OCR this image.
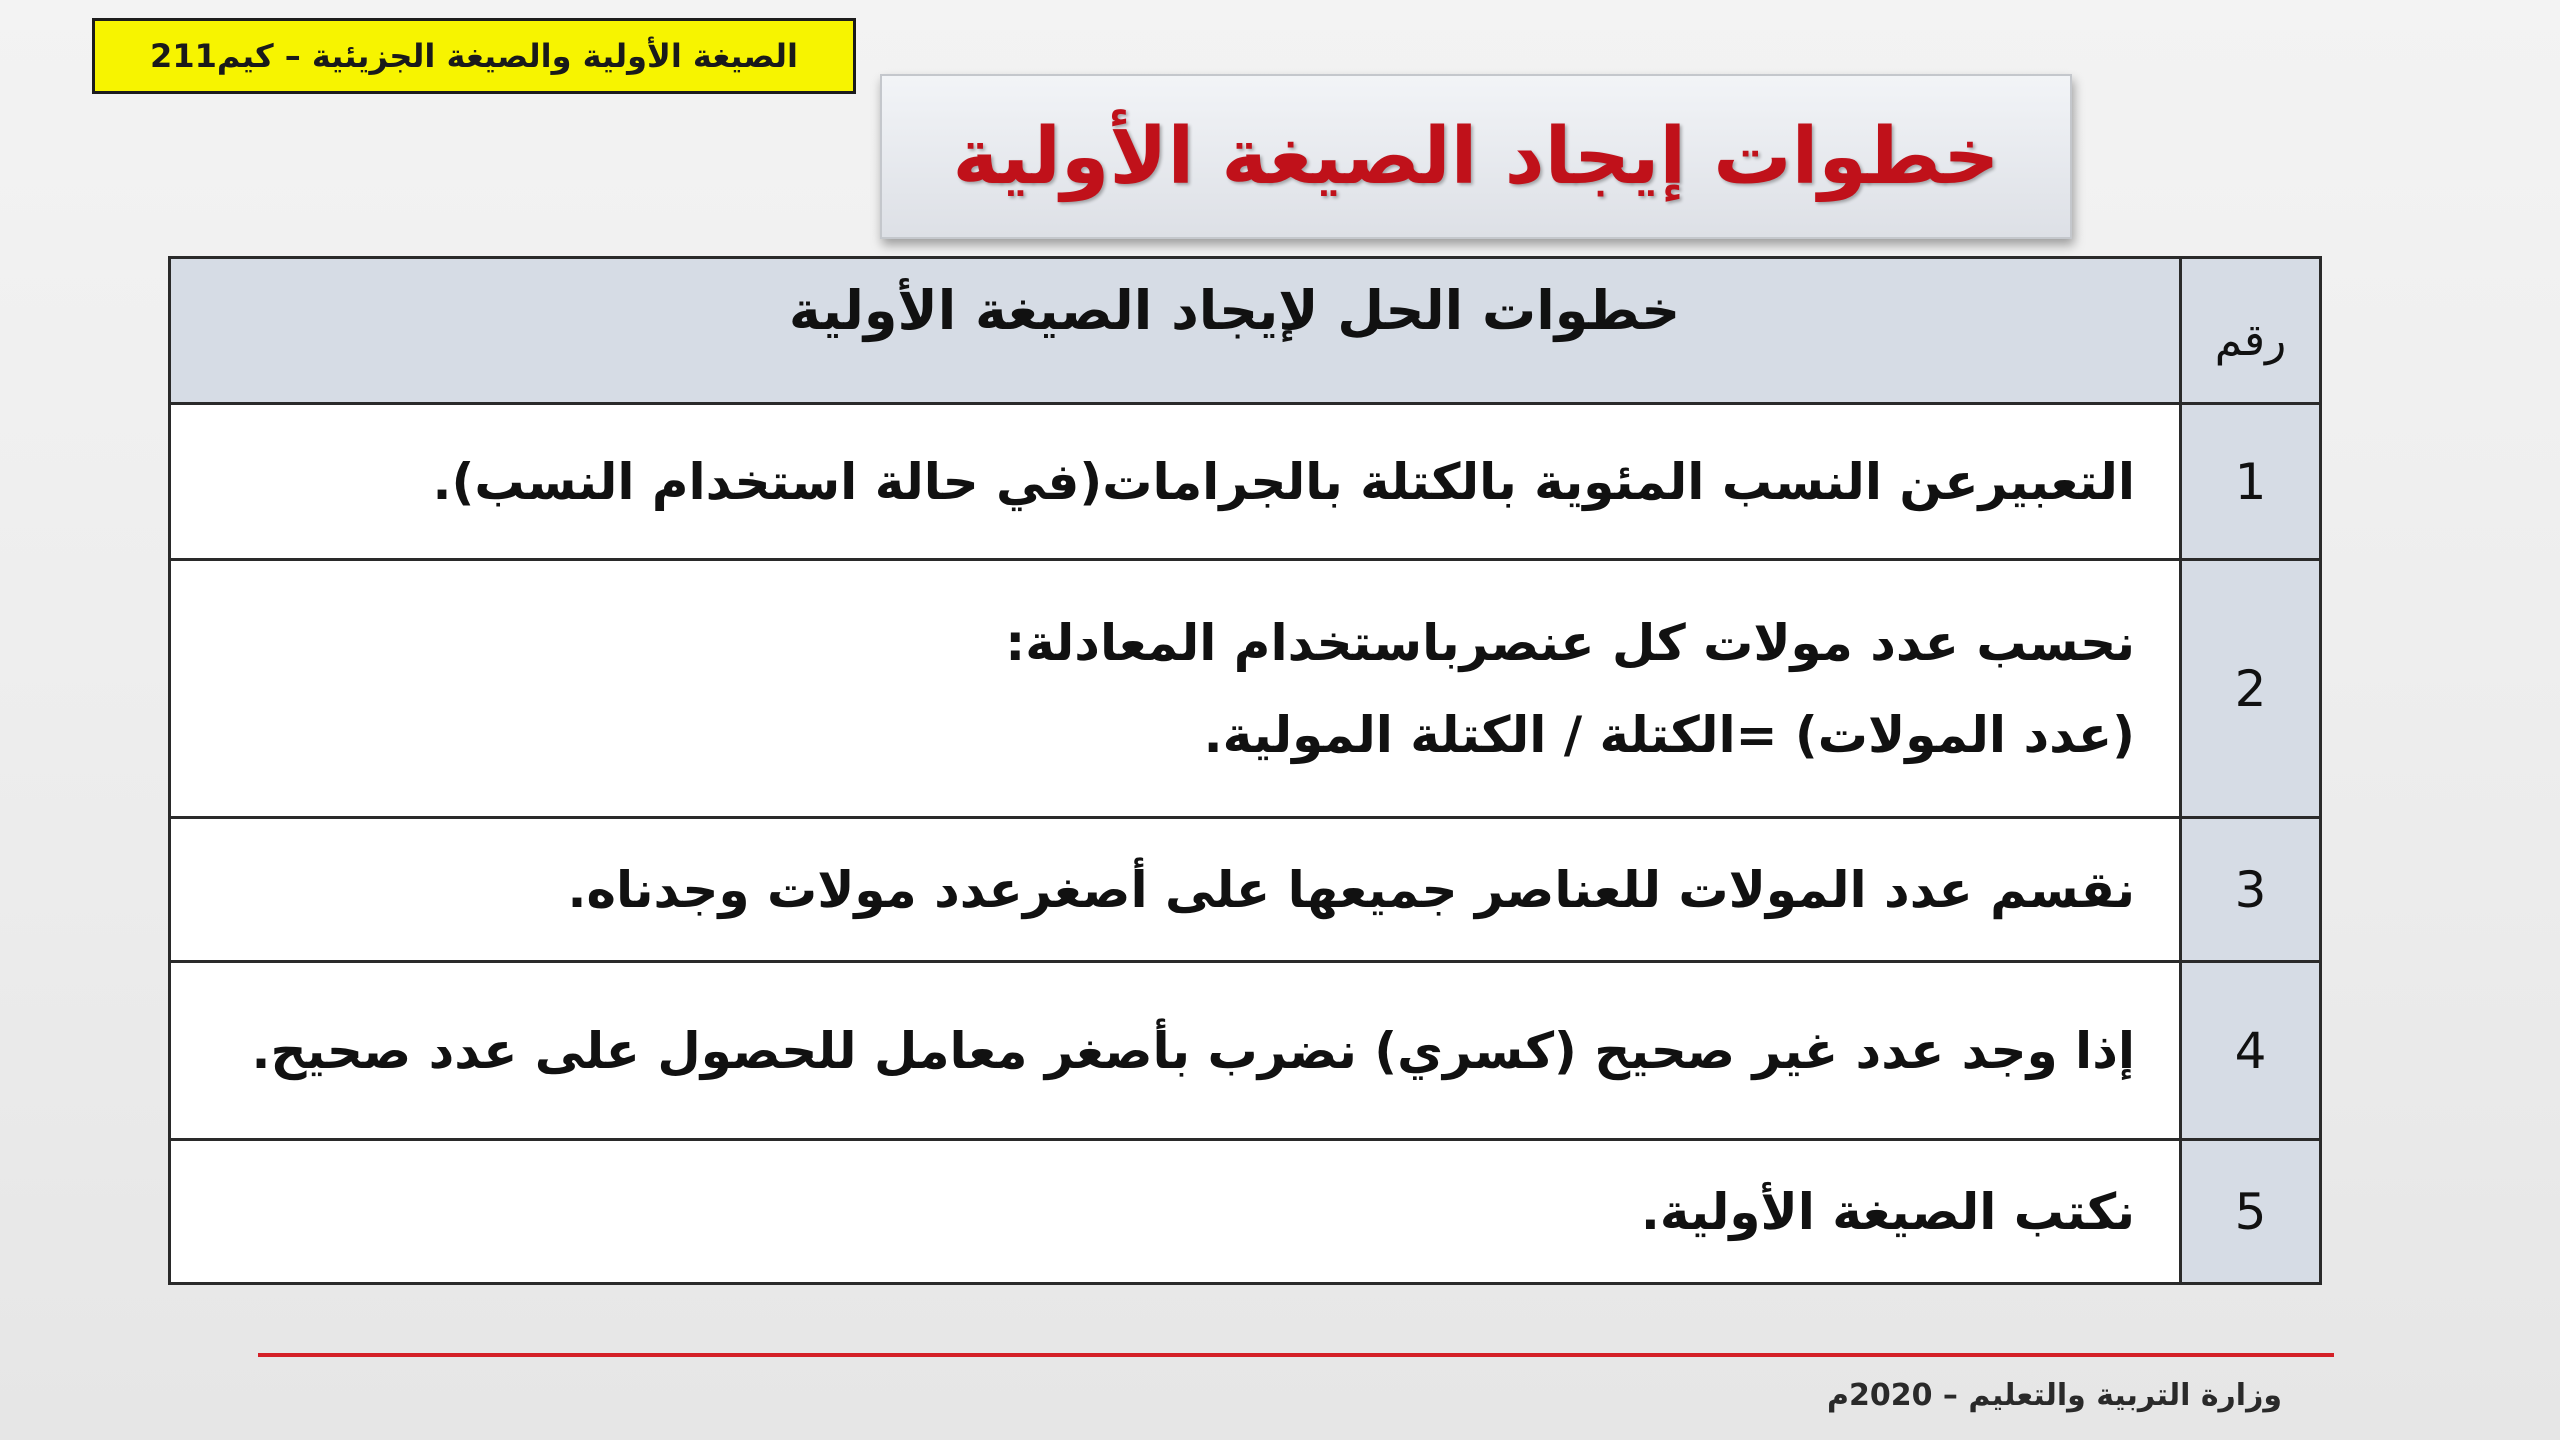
الصيغة الأولية والصيغة الجزيئية – كيم211
خطوات إيجاد الصيغة الأولية
رقم	خطوات الحل لإيجاد الصيغة الأولية
1	التعبيرعن النسب المئوية بالكتلة بالجرامات(في حالة استخدام النسب).
2	نحسب عدد مولات كل عنصرباستخدام المعادلة:
(عدد المولات) =الكتلة / الكتلة المولية.

3	نقسم عدد المولات للعناصر جميعها على أصغرعدد مولات وجدناه.
4	إذا وجد عدد غير صحيح (كسري) نضرب بأصغر معامل للحصول على عدد صحيح.
5	نكتب الصيغة الأولية.
وزارة التربية والتعليم – 2020م
